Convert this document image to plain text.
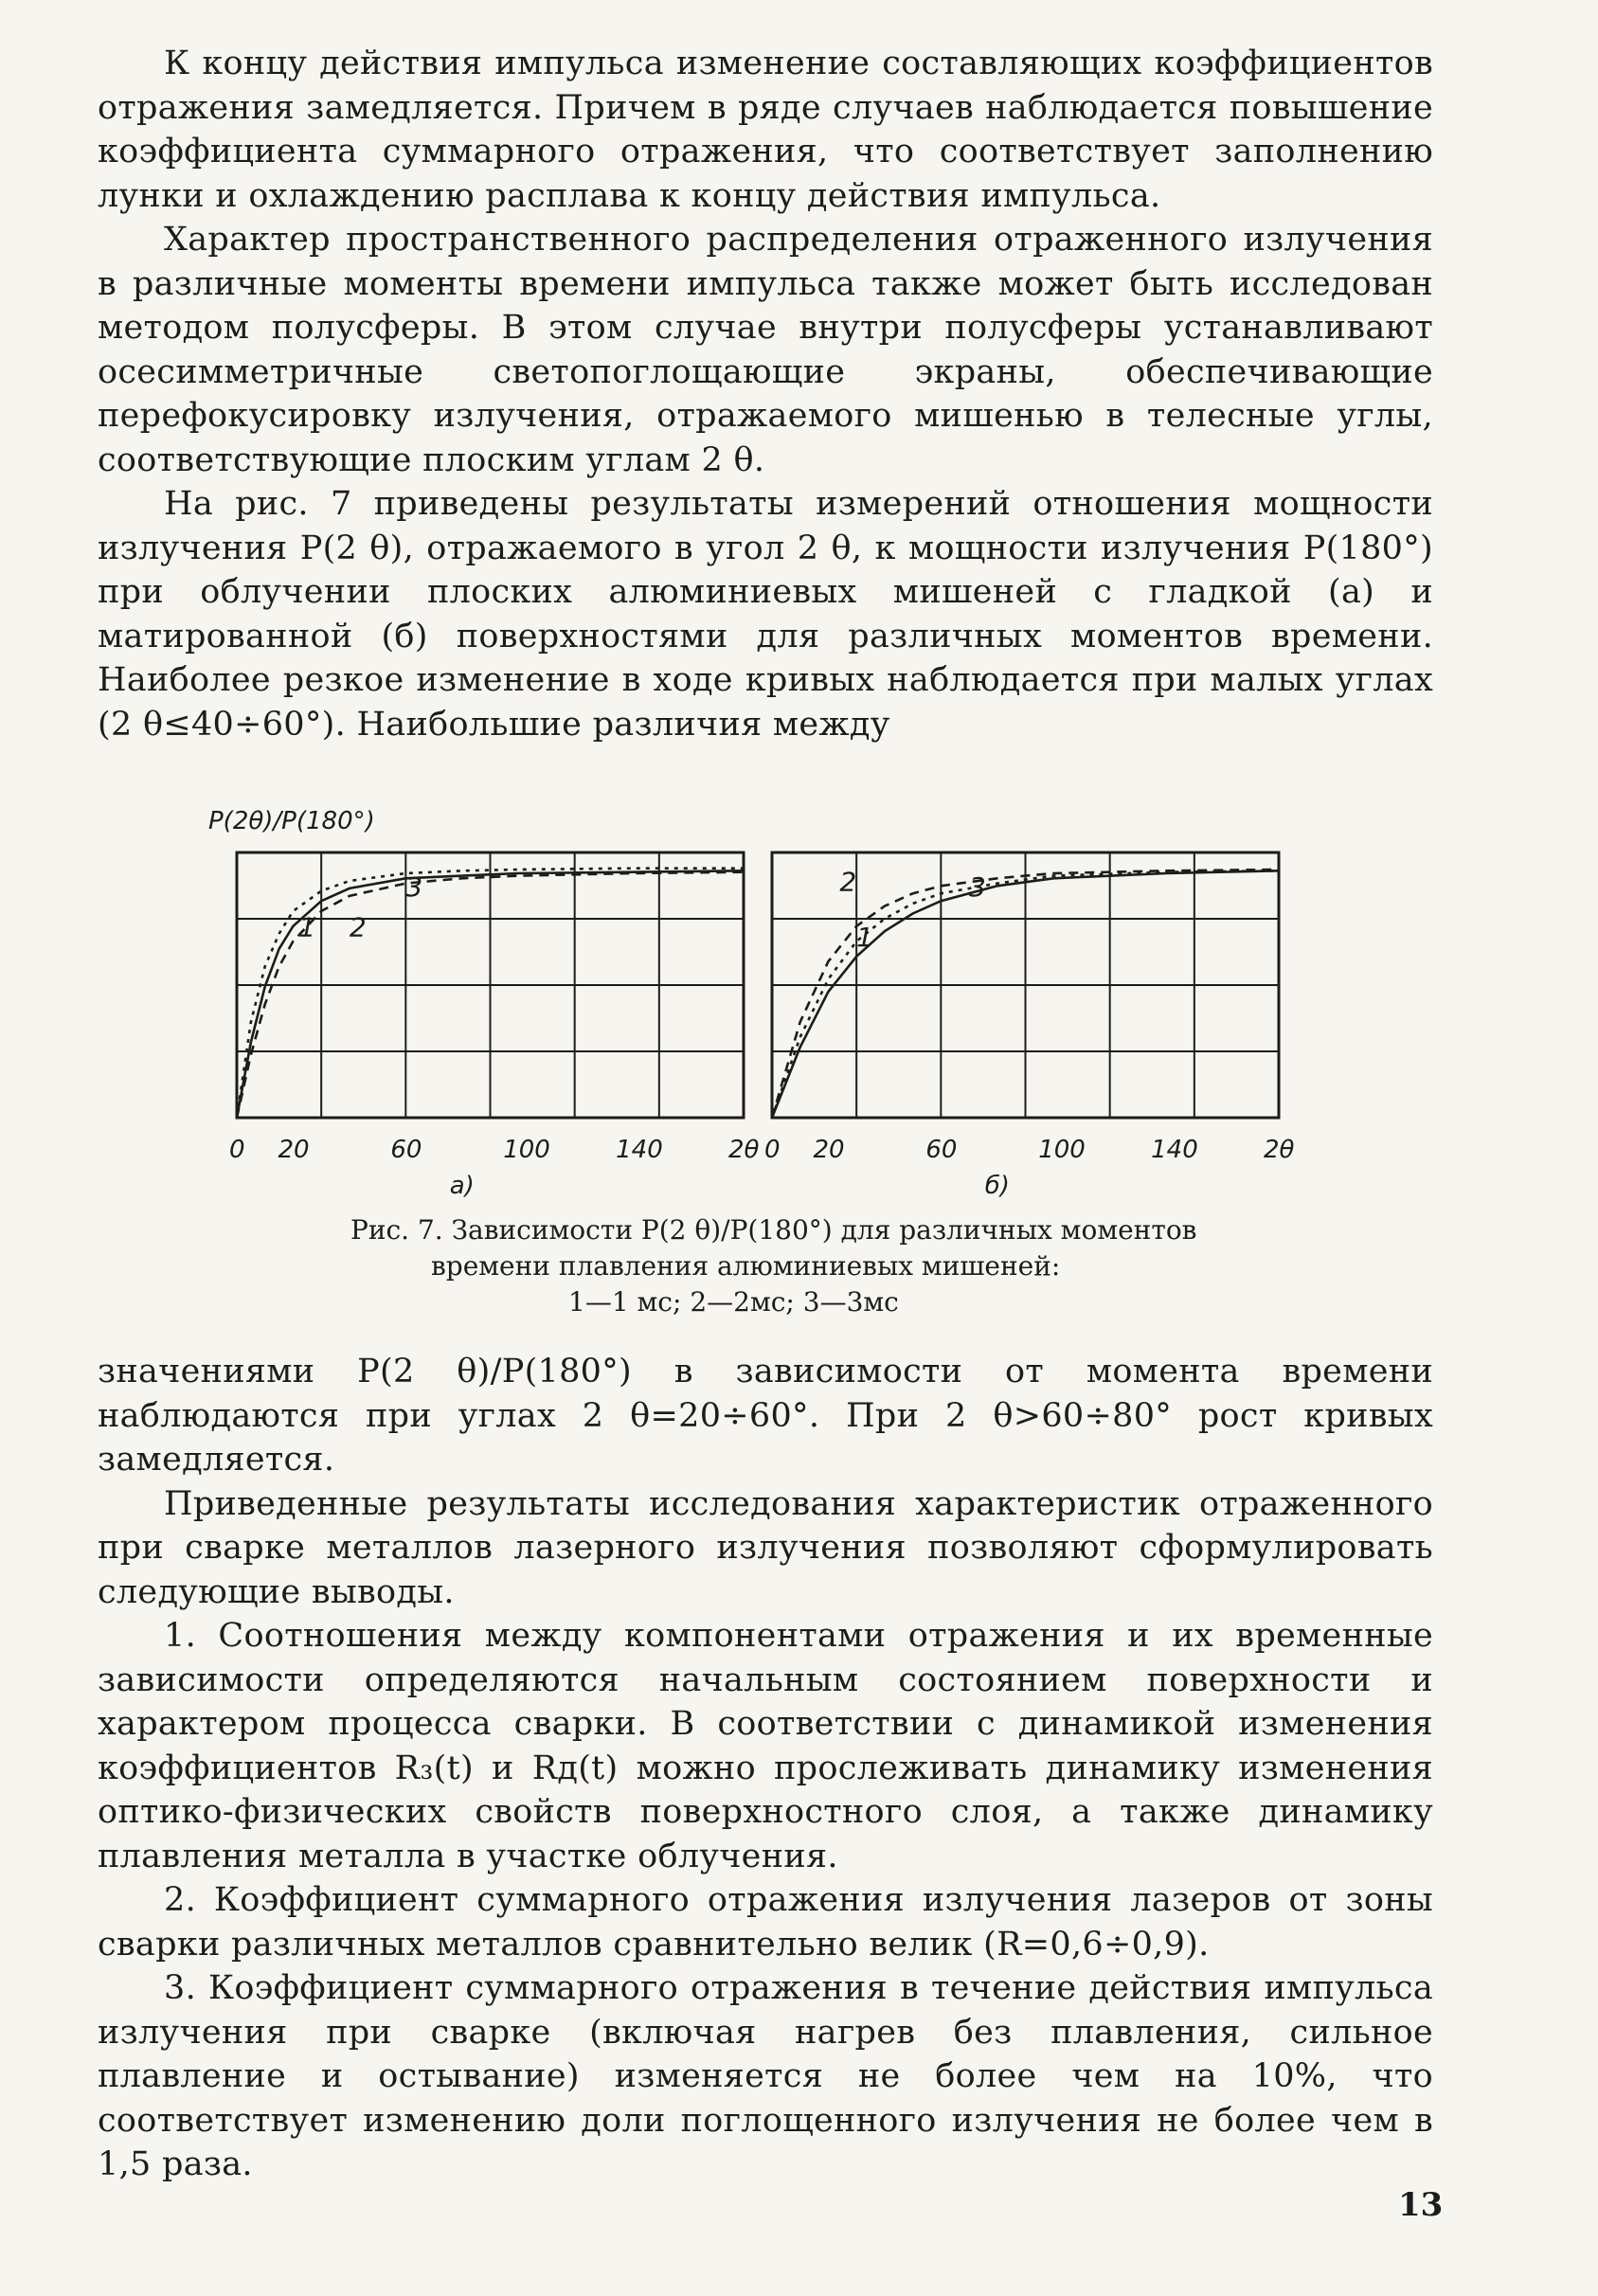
К концу действия импульса изменение составляющих коэффициентов отражения замедляется. Причем в ряде случаев наблюдается повышение коэффициента суммарного отражения, что соответствует заполнению лунки и охлаждению расплава к концу действия импульса.

Характер пространственного распределения отраженного излучения в различные моменты времени импульса также может быть исследован методом полусферы. В этом случае внутри полусферы устанавливают осесимметричные светопоглощающие экраны, обеспечивающие перефокусировку излучения, отражаемого мишенью в телесные углы, соответствующие плоским углам 2 θ.

На рис. 7 приведены результаты измерений отношения мощности излучения P(2 θ), отражаемого в угол 2 θ, к мощности излучения P(180°) при облучении плоских алюминиевых мишеней с гладкой (а) и матированной (б) поверхностями для различных моментов времени. Наиболее резкое изменение в ходе кривых наблюдается при малых углах (2 θ≤40÷60°). Наибольшие различия между

P(2θ)/P(180°)
1 2
3
0 20	60	100	140	2θ
а)
1
2	3
0 20	60	100	140	2θ
б)
Рис. 7. Зависимости P(2 θ)/P(180°) для различных моментов
времени плавления алюминиевых мишеней:
1—1 мс; 2—2мс; 3—3мс

значениями P(2 θ)/P(180°) в зависимости от момента времени наблюдаются при углах 2 θ=20÷60°. При 2 θ>60÷80° рост кривых замедляется.

Приведенные результаты исследования характеристик отраженного при сварке металлов лазерного излучения позволяют сформулировать следующие выводы.

1. Соотношения между компонентами отражения и их временные зависимости определяются начальным состоянием поверхности и характером процесса сварки. В соответствии с динамикой изменения коэффициентов R₃(t) и Rд(t) можно прослеживать динамику изменения оптико-физических свойств поверхностного слоя, а также динамику плавления металла в участке облучения.

2. Коэффициент суммарного отражения излучения лазеров от зоны сварки различных металлов сравнительно велик (R=0,6÷0,9).

3. Коэффициент суммарного отражения в течение действия импульса излучения при сварке (включая нагрев без плавления, сильное плавление и остывание) изменяется не более чем на 10%, что соответствует изменению доли поглощенного излучения не более чем в 1,5 раза.

13
